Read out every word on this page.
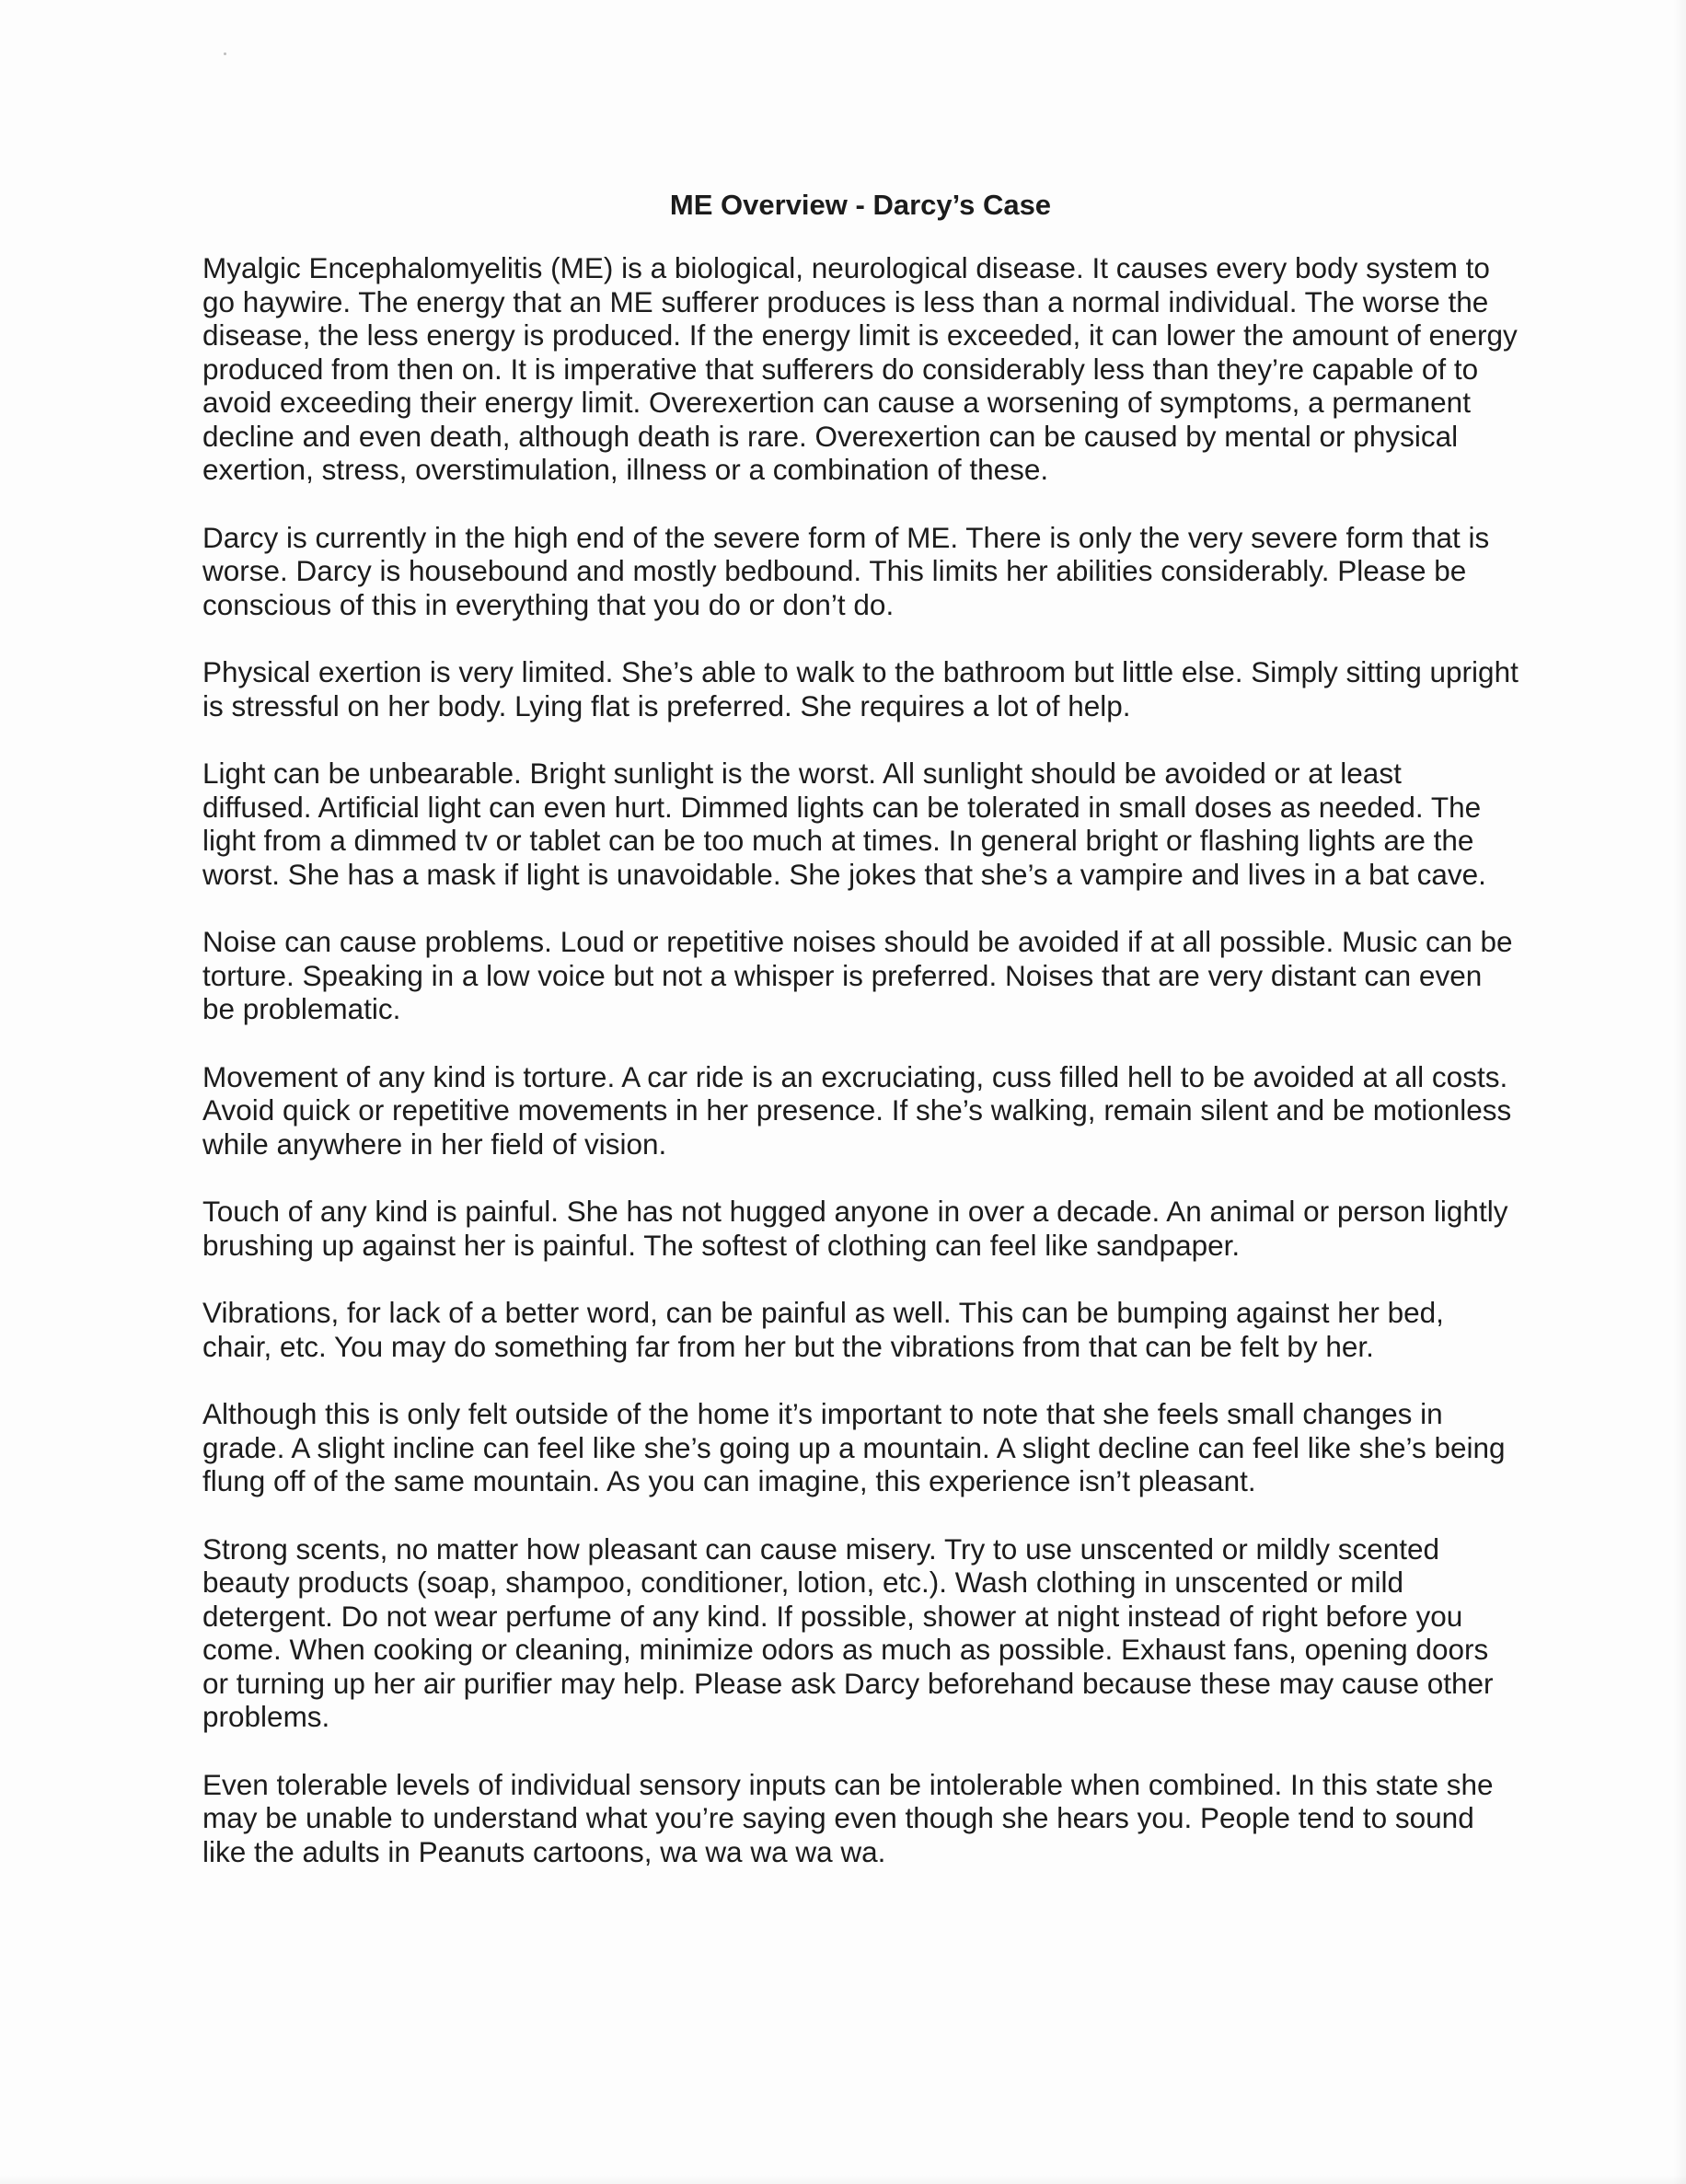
ME Overview - Darcy’s Case

Myalgic Encephalomyelitis (ME) is a biological, neurological disease. It causes every body system to go haywire. The energy that an ME sufferer produces is less than a normal individual. The worse the disease, the less energy is produced. If the energy limit is exceeded, it can lower the amount of energy produced from then on. It is imperative that sufferers do considerably less than they’re capable of to avoid exceeding their energy limit. Overexertion can cause a worsening of symptoms, a permanent decline and even death, although death is rare. Overexertion can be caused by mental or physical exertion, stress, overstimulation, illness or a combination of these.

Darcy is currently in the high end of the severe form of ME. There is only the very severe form that is worse. Darcy is housebound and mostly bedbound. This limits her abilities considerably. Please be conscious of this in everything that you do or don’t do.

Physical exertion is very limited. She’s able to walk to the bathroom but little else. Simply sitting upright is stressful on her body. Lying flat is preferred. She requires a lot of help.

Light can be unbearable. Bright sunlight is the worst. All sunlight should be avoided or at least diffused. Artificial light can even hurt. Dimmed lights can be tolerated in small doses as needed. The light from a dimmed tv or tablet can be too much at times. In general bright or flashing lights are the worst. She has a mask if light is unavoidable. She jokes that she’s a vampire and lives in a bat cave.

Noise can cause problems. Loud or repetitive noises should be avoided if at all possible. Music can be torture. Speaking in a low voice but not a whisper is preferred. Noises that are very distant can even be problematic.

Movement of any kind is torture. A car ride is an excruciating, cuss filled hell to be avoided at all costs. Avoid quick or repetitive movements in her presence. If she’s walking, remain silent and be motionless while anywhere in her field of vision.

Touch of any kind is painful. She has not hugged anyone in over a decade. An animal or person lightly brushing up against her is painful. The softest of clothing can feel like sandpaper.

Vibrations, for lack of a better word, can be painful as well. This can be bumping against her bed, chair, etc. You may do something far from her but the vibrations from that can be felt by her.

Although this is only felt outside of the home it’s important to note that she feels small changes in grade. A slight incline can feel like she’s going up a mountain. A slight decline can feel like she’s being flung off of the same mountain. As you can imagine, this experience isn’t pleasant.

Strong scents, no matter how pleasant can cause misery. Try to use unscented or mildly scented beauty products (soap, shampoo, conditioner, lotion, etc.). Wash clothing in unscented or mild detergent. Do not wear perfume of any kind. If possible, shower at night instead of right before you come. When cooking or cleaning, minimize odors as much as possible. Exhaust fans, opening doors or turning up her air purifier may help. Please ask Darcy beforehand because these may cause other problems.

Even tolerable levels of individual sensory inputs can be intolerable when combined. In this state she may be unable to understand what you’re saying even though she hears you. People tend to sound like the adults in Peanuts cartoons, wa wa wa wa wa.
